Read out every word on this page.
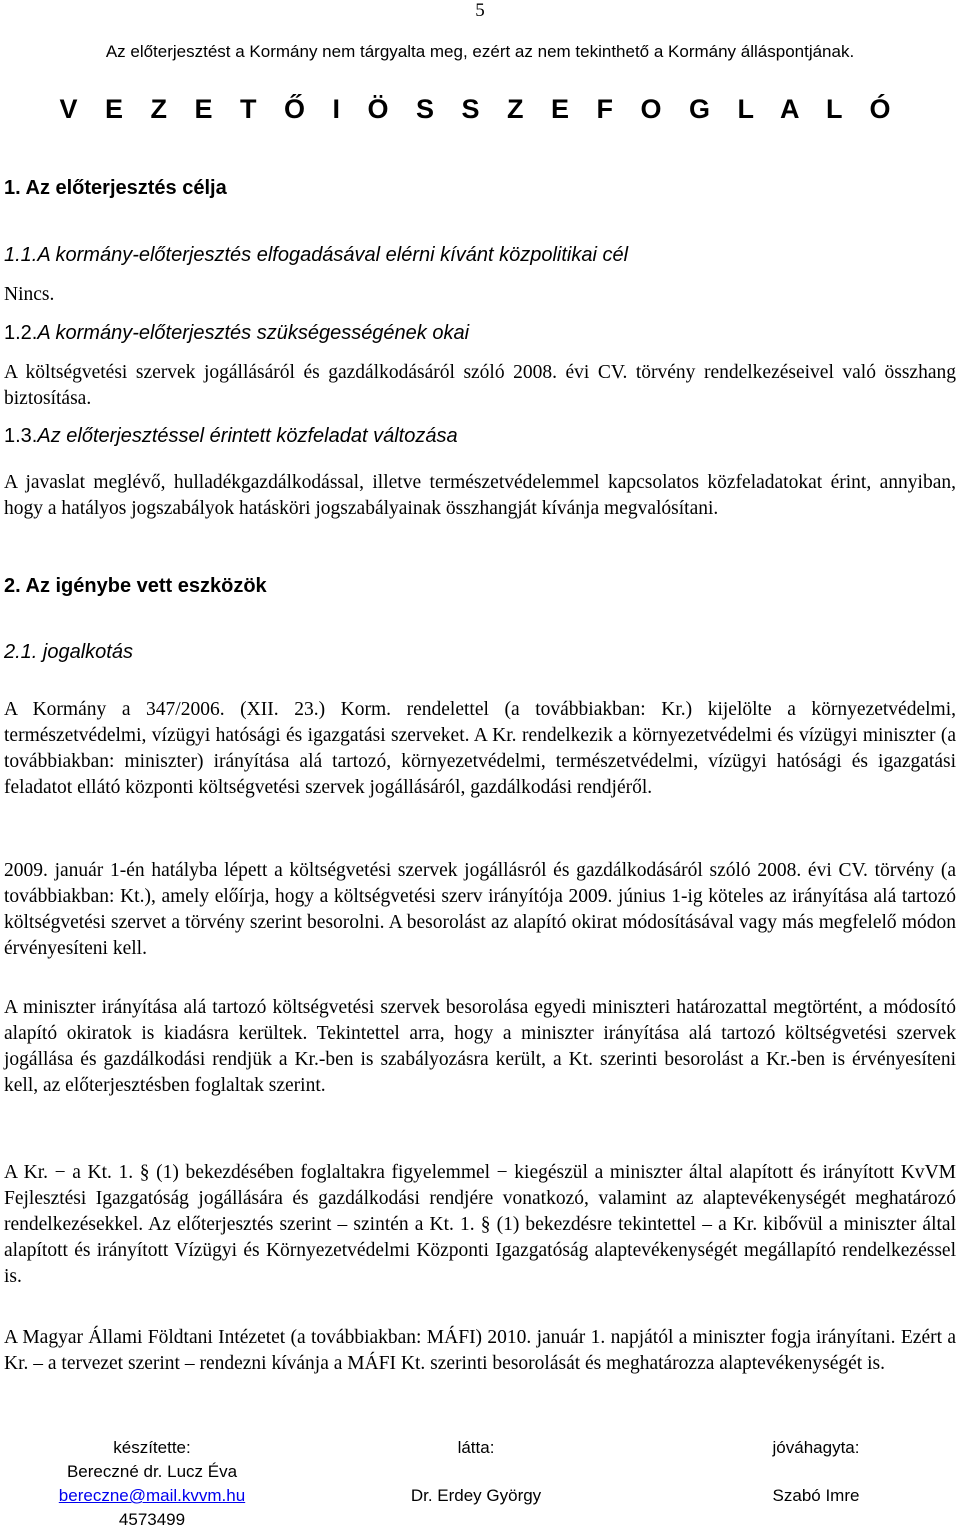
5
Az előterjesztést a Kormány nem tárgyalta meg, ezért az nem tekinthető a Kormány álláspontjának.
V E Z E T Ő I Ö S S Z E F O G L A L Ó
1. Az előterjesztés célja
1.1.A kormány-előterjesztés elfogadásával elérni kívánt közpolitikai cél
Nincs.
1.2.A kormány-előterjesztés szükségességének okai
A költségvetési szervek jogállásáról és gazdálkodásáról szóló 2008. évi CV. törvény rendelkezéseivel való összhang biztosítása.
1.3.Az előterjesztéssel érintett közfeladat változása
A javaslat meglévő, hulladékgazdálkodással, illetve természetvédelemmel kapcsolatos közfeladatokat érint, annyiban, hogy a hatályos jogszabályok hatásköri jogszabályainak összhangját kívánja megvalósítani.
2. Az igénybe vett eszközök
2.1. jogalkotás
A Kormány a 347/2006. (XII. 23.) Korm. rendelettel (a továbbiakban: Kr.) kijelölte a környezetvédelmi, természetvédelmi, vízügyi hatósági és igazgatási szerveket. A Kr. rendelkezik a környezetvédelmi és vízügyi miniszter (a továbbiakban: miniszter) irányítása alá tartozó, környezetvédelmi, természetvédelmi, vízügyi hatósági és igazgatási feladatot ellátó központi költségvetési szervek jogállásáról, gazdálkodási rendjéről.
2009. január 1-én hatályba lépett a költségvetési szervek jogállásról és gazdálkodásáról szóló 2008. évi CV. törvény (a továbbiakban: Kt.), amely előírja, hogy a költségvetési szerv irányítója 2009. június 1-ig köteles az irányítása alá tartozó költségvetési szervet a törvény szerint besorolni. A besorolást az alapító okirat módosításával vagy más megfelelő módon érvényesíteni kell.
A miniszter irányítása alá tartozó költségvetési szervek besorolása egyedi miniszteri határozattal megtörtént, a módosító alapító okiratok is kiadásra kerültek. Tekintettel arra, hogy a miniszter irányítása alá tartozó költségvetési szervek jogállása és gazdálkodási rendjük a Kr.-ben is szabályozásra került, a Kt. szerinti besorolást a Kr.-ben is érvényesíteni kell, az előterjesztésben foglaltak szerint.
A Kr. − a Kt. 1. § (1) bekezdésében foglaltakra figyelemmel − kiegészül a miniszter által alapított és irányított KvVM Fejlesztési Igazgatóság jogállására és gazdálkodási rendjére vonatkozó, valamint az alaptevékenységét meghatározó rendelkezésekkel. Az előterjesztés szerint – szintén a Kt. 1. § (1) bekezdésre tekintettel – a Kr. kibővül a miniszter által alapított és irányított Vízügyi és Környezetvédelmi Központi Igazgatóság alaptevékenységét megállapító rendelkezéssel is.
A Magyar Állami Földtani Intézetet (a továbbiakban: MÁFI) 2010. január 1. napjától a miniszter fogja irányítani. Ezért a Kr. – a tervezet szerint – rendezni kívánja a MÁFI Kt. szerinti besorolását és meghatározza alaptevékenységét is.
készítette:
Bereczné dr. Lucz Éva
bereczne@mail.kvvm.hu
4573499
látta:
Dr. Erdey György
jóváhagyta:
Szabó Imre
